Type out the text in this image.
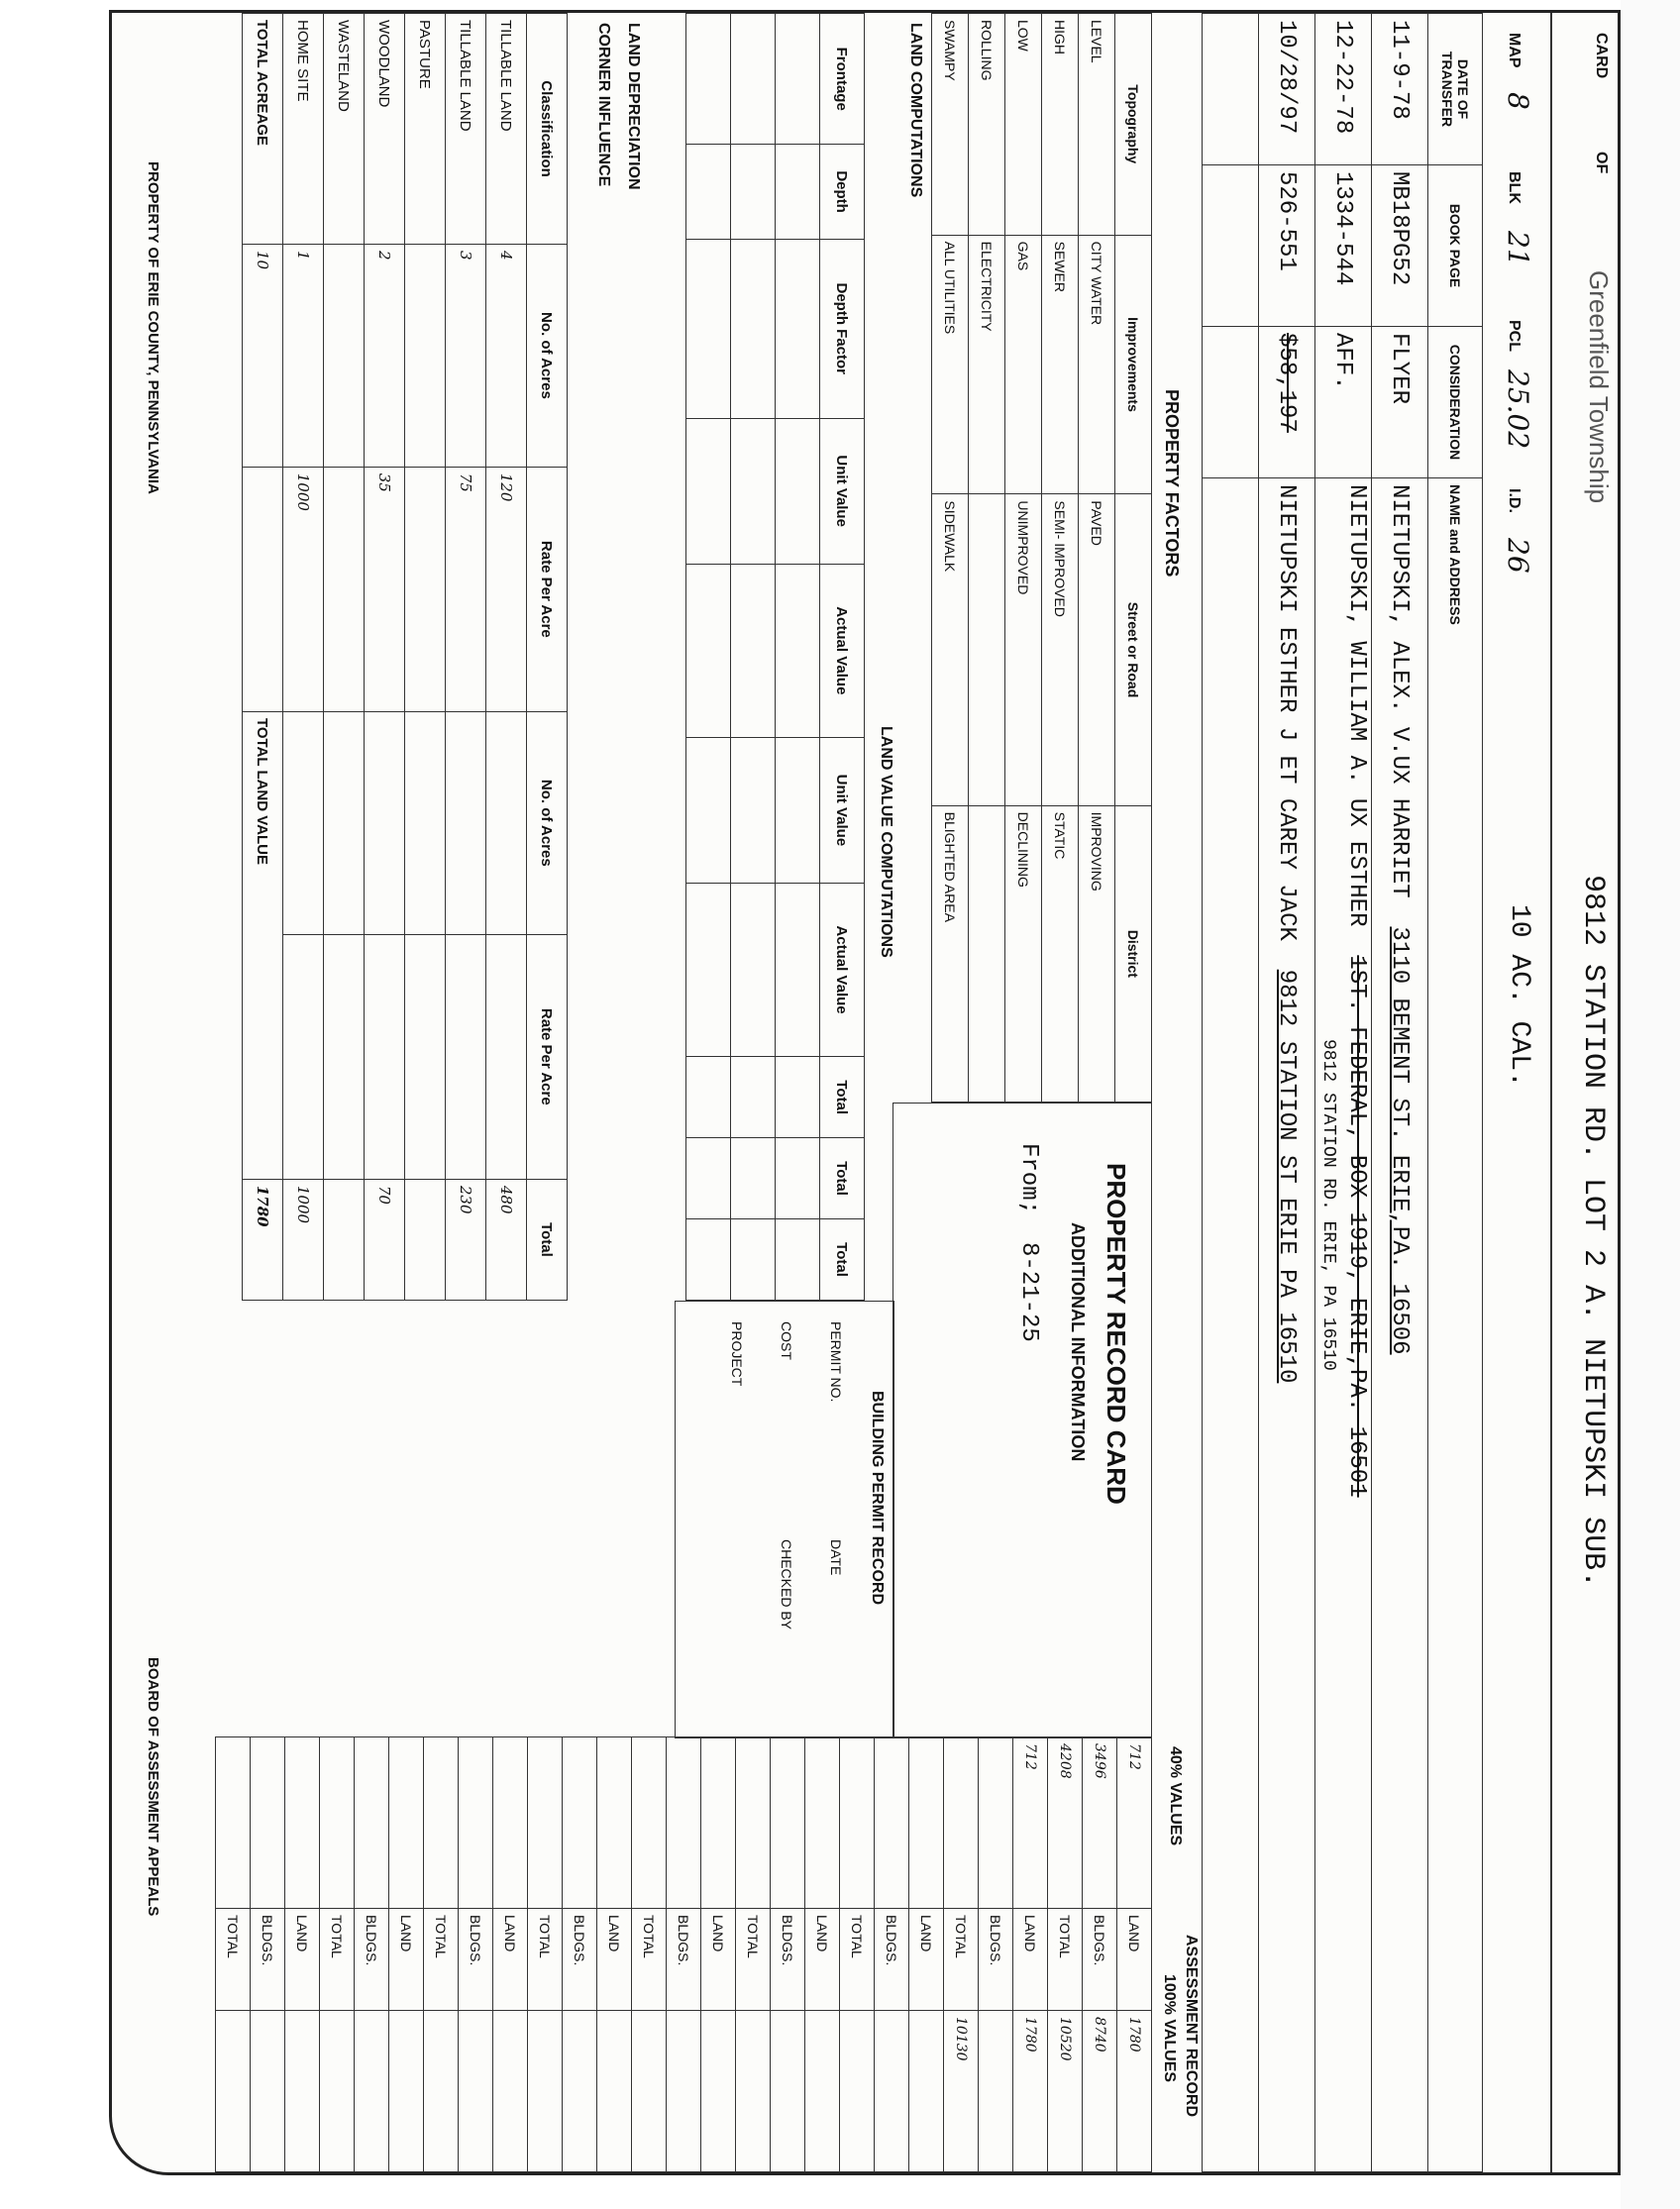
CARD
OF
Greenfield Township
9812 STATION RD. LOT 2 A. NIETUPSKI SUB.
MAP
8
BLK
21
PCL
25.02
I.D.
26
10 AC. CAL.
DATE OF TRANSFER	BOOK PAGE	CONSIDERATION	NAME and ADDRESS
11-9-78	MB18PG52	FLYER	NIETUPSKI, ALEX. V.UX HARRIET  3110 BEMENT ST. ERIE,PA. 16506
12-22-78	1334-544	AFF.	NIETUPSKI, WILLIAM A. UX ESTHER  1ST. FEDERAL, BOX 1919, ERIE,PA. 16501
9812 STATION RD. ERIE, PA 16510
10/28/97	526-551	$58,197	NIETUPSKI ESTHER J ET CAREY JACK  9812 STATION ST ERIE PA 16510

PROPERTY FACTORS
Topography	Improvements	Street or Road	District
LEVEL	CITY WATER	PAVED	IMPROVING
HIGH	SEWER	SEMI- IMPROVED	STATIC
LOW	GAS	UNIMPROVED	DECLINING
ROLLING	ELECTRICITY		
SWAMPY	ALL UTILITIES	SIDEWALK	BLIGHTED AREA
LAND COMPUTATIONS
LAND VALUE COMPUTATIONS
Frontage	Depth	Depth Factor	Unit Value	Actual Value	Unit Value	Actual Value	Total	Total	Total

LAND DEPRECIATION
CORNER INFLUENCE
Classification	No. of Acres	Rate Per Acre	No. of Acres	Rate Per Acre	Total
TILLABLE LAND	4	120			480
TILLABLE LAND	3	75			230
PASTURE					
WOODLAND	2	35			70
WASTELAND					
HOME SITE	1	1000			1000
TOTAL ACREAGE	10		TOTAL LAND VALUE		1780	PROPERTY RECORD CARD
ADDITIONAL INFORMATION
From;
8-21-25
BUILDING PERMIT RECORD
PERMIT NO.
DATE
COST
CHECKED BY
PROJECT
40% VALUES
ASSESSMENT RECORD
100% VALUES
712	LAND	1780
3496	BLDGS.	8740
4208	TOTAL	10520
712	LAND	1780
	BLDGS.	
	TOTAL	10130
	LAND	
	BLDGS.	
	TOTAL	
	LAND	
	BLDGS.	
	TOTAL	
	LAND	
	BLDGS.	
	TOTAL	
	LAND	
	BLDGS.	
	TOTAL	
	LAND	
	BLDGS.	
	TOTAL	
	LAND	
	BLDGS.	
	TOTAL	
	LAND	
	BLDGS.	
	TOTAL	
PROPERTY OF ERIE COUNTY, PENNSYLVANIA
BOARD OF ASSESSMENT APPEALS
